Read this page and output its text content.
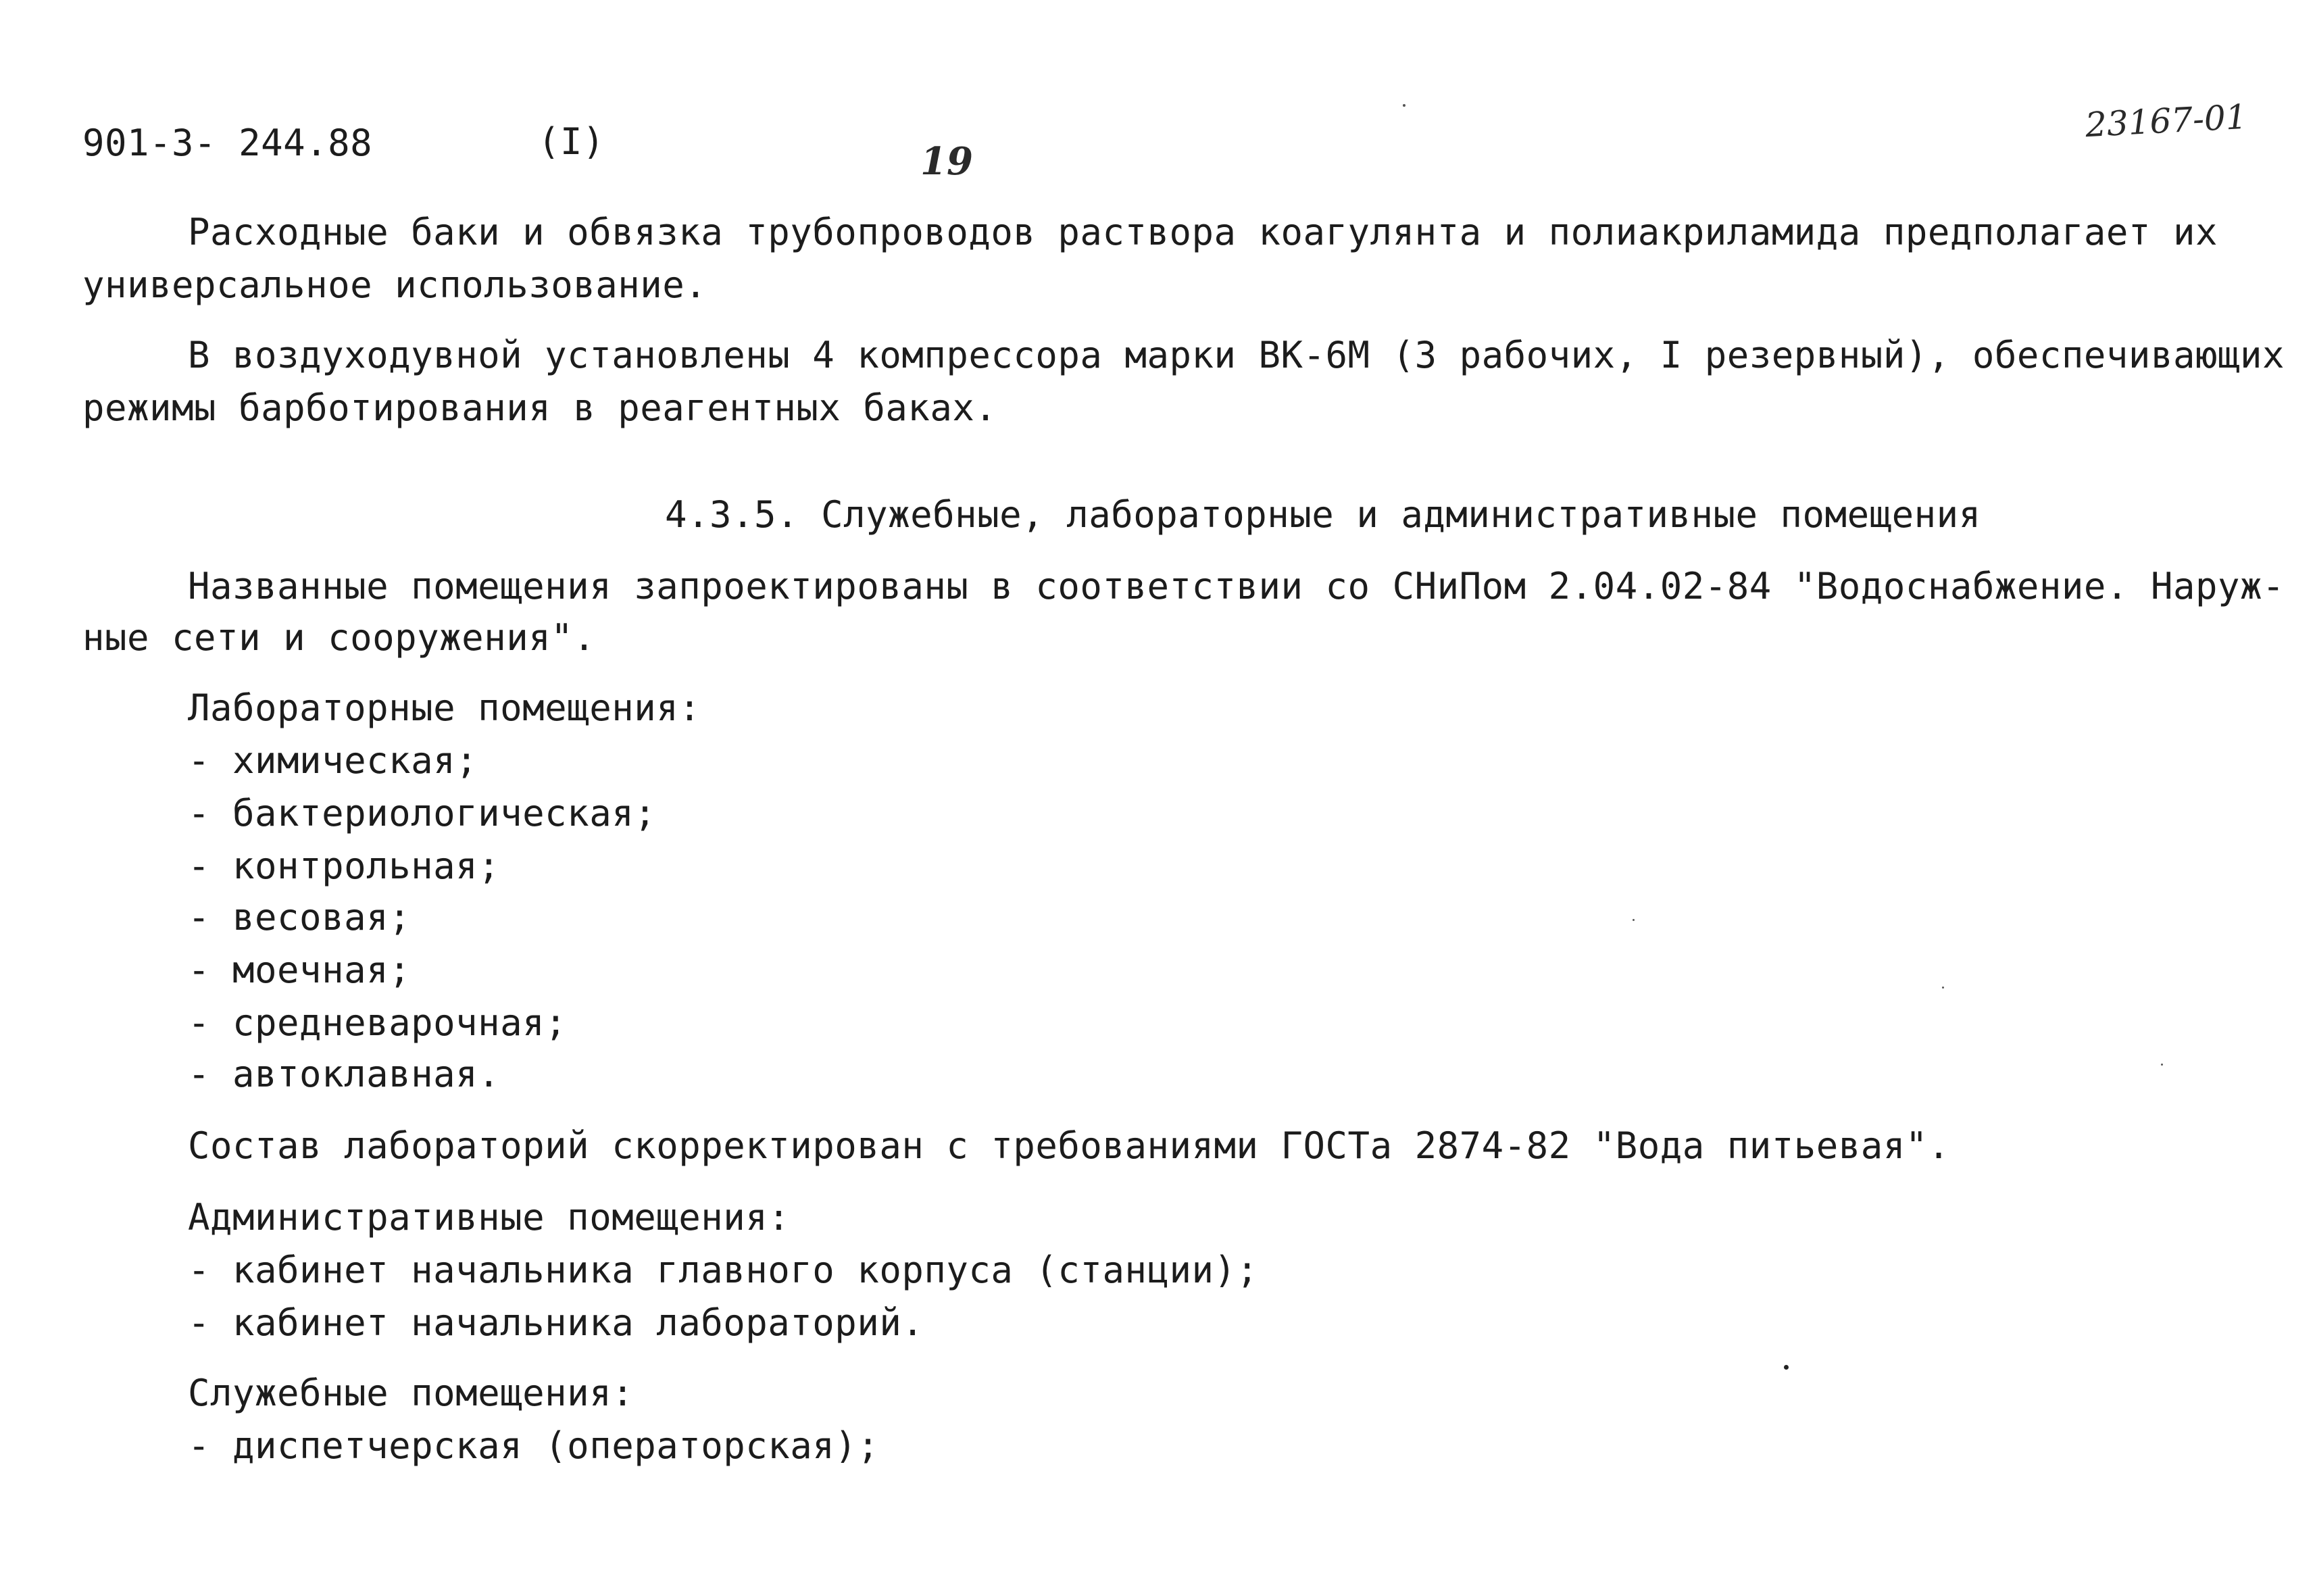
901-3- 244.88	(I)	19
23167-01
Расходные баки и обвязка трубопроводов раствора коагулянта и полиакриламида предполагает их
универсальное использование.
В воздуходувной установлены 4 компрессора марки ВК-6М (3 рабочих, I резервный), обеспечивающих
режимы барботирования в реагентных баках.
4.3.5. Служебные, лабораторные и административные помещения
Названные помещения запроектированы в соответствии со СНиПом 2.04.02-84 "Водоснабжение. Наруж-
ные сети и сооружения".
Лабораторные помещения:
- химическая;
- бактериологическая;
- контрольная;
- весовая;
- моечная;
- средневарочная;
- автоклавная.
Состав лабораторий скорректирован с требованиями ГОСТа 2874-82 "Вода питьевая".
Административные помещения:
- кабинет начальника главного корпуса (станции);
- кабинет начальника лабораторий.
Служебные помещения:
- диспетчерская (операторская);
